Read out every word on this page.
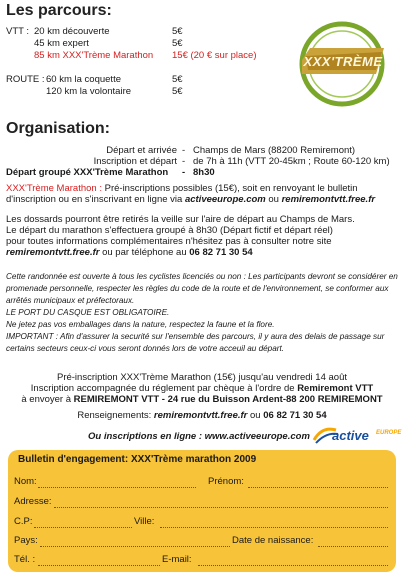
Les parcours:
VTT : 20 km découverte	5€
45 km expert	5€
85 km XXX'Trème Marathon 15€ (20 € sur place)
ROUTE : 60 km la coquette	5€
120 km la volontaire	5€
XXX'TRÈME
Organisation:
Départ et arrivée - Champs de Mars (88200 Remiremont)
Inscription et départ - de 7h à 11h (VTT 20-45km ; Route 60-120 km)
Départ groupé XXX'Trème Marathon - 8h30
XXX'Trème Marathon : Pré-inscriptions possibles (15€), soit en renvoyant le bulletin
d'inscription ou en s'inscrivant en ligne via activeeurope.com ou remiremontvtt.free.fr
Les dossards pourront être retirés la veille sur l'aire de départ au Champs de Mars.
Le départ du marathon s'effectuera groupé à 8h30 (Départ fictif et départ réel)
pour toutes informations complémentaires n'hésitez pas à consulter notre site
remiremontvtt.free.fr ou par téléphone au 06 82 71 30 54
Cette randonnée est ouverte à tous les cyclistes licenciés ou non : Les participants devront se considérer en
promenade personnelle, respecter les règles du code de la route et de l'environnement, se conformer aux
arrêtés municipaux et préfectoraux.
LE PORT DU CASQUE EST OBLIGATOIRE.
Ne jetez pas vos emballages dans la nature, respectez la faune et la flore.
IMPORTANT : Afin d'assurer la securité sur l'ensemble des parcours, il y aura des delais de passage sur
certains secteurs ceux-ci vous seront donnés lors de votre acceuil au départ.
Pré-inscription XXX'Trème Marathon (15€) jusqu'au vendredi 14 août
Inscription accompagnée du réglement par chèque à l'ordre de Remiremont VTT
à envoyer à REMIREMONT VTT - 24 rue du Buisson Ardent-88 200 REMIREMONT
Renseignements: remiremontvtt.free.fr ou 06 82 71 30 54
Ou inscriptions en ligne : www.activeeurope.com active EUROPE
Bulletin d'engagement: XXX'Trème marathon 2009
Nom:	Prénom:
Adresse:
C.P:	Ville:
Pays:	Date de naissance:
Tél. :	E-mail:
